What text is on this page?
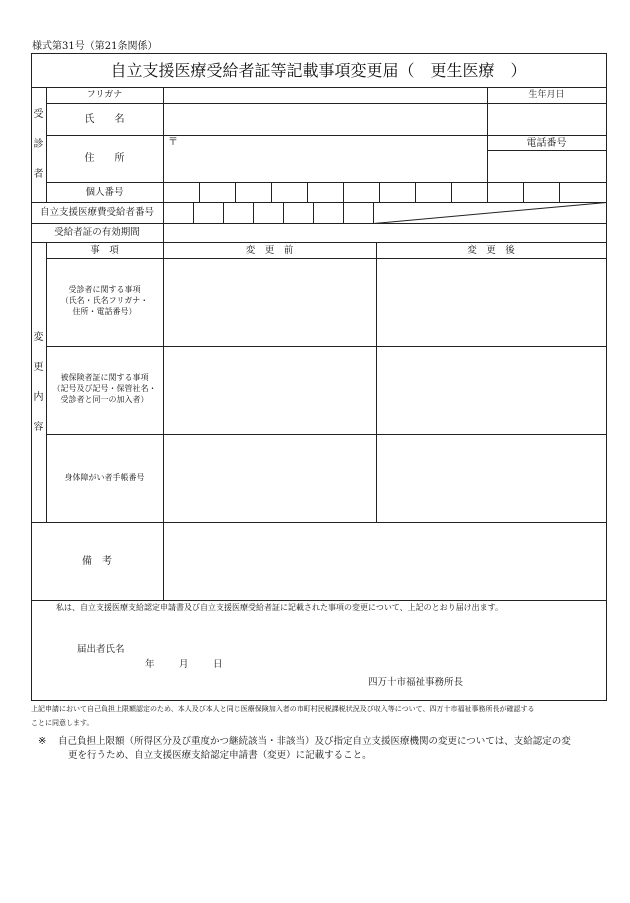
様式第31号（第21条関係）
自立支援医療受給者証等記載事項変更届（　更生医療　）
受
診
者
フリガナ	生年月日
氏　　名
住　　所
〒	電話番号
個人番号
自立支援医療費受給者番号
受給者証の有効期間
変
更
内
容
事　項	変　更　前	変　更　後
受診者に関する事項
（氏名・氏名フリガナ・
住所・電話番号）
被保険者証に関する事項
（記号及び記号・保管社名・
受診者と同一の加入者）
身体障がい者手帳番号
備　考
私は、自立支援医療支給認定申請書及び自立支援医療受給者証に記載された事項の変更について、上記のとおり届け出ます。
届出者氏名
年	月	日
四万十市福祉事務所長
上記申請において自己負担上限額認定のため、本人及び本人と同じ医療保険加入者の市町村民税課税状況及び収入等について、四万十市福祉事務所長が確認する
ことに同意します。
※ 自己負担上限額（所得区分及び重度かつ継続該当・非該当）及び指定自立支援医療機関の変更については、支給認定の変
更を行うため、自立支援医療支給認定申請書（変更）に記載すること。
